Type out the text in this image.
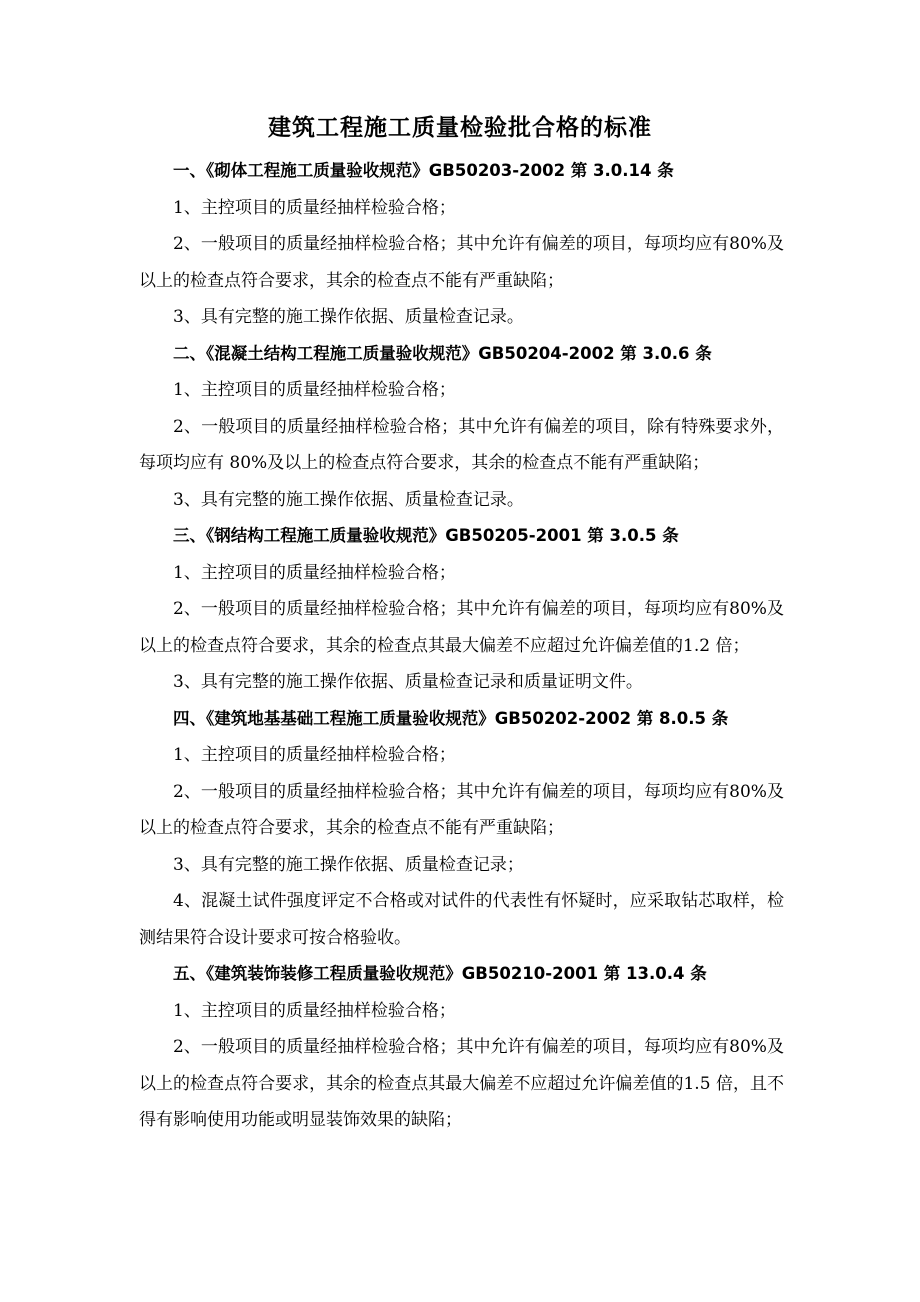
建筑工程施工质量检验批合格的标准

一、《砌体工程施工质量验收规范》GB50203-2002 第 3.0.14 条

1、主控项目的质量经抽样检验合格；

2、一般项目的质量经抽样检验合格；其中允许有偏差的项目，每项均应有80%及以上的检查点符合要求，其余的检查点不能有严重缺陷；

3、具有完整的施工操作依据、质量检查记录。

二、《混凝土结构工程施工质量验收规范》GB50204-2002 第 3.0.6 条

1、主控项目的质量经抽样检验合格；

2、一般项目的质量经抽样检验合格；其中允许有偏差的项目，除有特殊要求外，每项均应有 80%及以上的检查点符合要求，其余的检查点不能有严重缺陷；

3、具有完整的施工操作依据、质量检查记录。

三、《钢结构工程施工质量验收规范》GB50205-2001 第 3.0.5 条

1、主控项目的质量经抽样检验合格；

2、一般项目的质量经抽样检验合格；其中允许有偏差的项目，每项均应有80%及以上的检查点符合要求，其余的检查点其最大偏差不应超过允许偏差值的1.2 倍；

3、具有完整的施工操作依据、质量检查记录和质量证明文件。

四、《建筑地基基础工程施工质量验收规范》GB50202-2002 第 8.0.5 条

1、主控项目的质量经抽样检验合格；

2、一般项目的质量经抽样检验合格；其中允许有偏差的项目，每项均应有80%及以上的检查点符合要求，其余的检查点不能有严重缺陷；

3、具有完整的施工操作依据、质量检查记录；

4、混凝土试件强度评定不合格或对试件的代表性有怀疑时，应采取钻芯取样，检测结果符合设计要求可按合格验收。

五、《建筑装饰装修工程质量验收规范》GB50210-2001 第 13.0.4 条

1、主控项目的质量经抽样检验合格；

2、一般项目的质量经抽样检验合格；其中允许有偏差的项目，每项均应有80%及以上的检查点符合要求，其余的检查点其最大偏差不应超过允许偏差值的1.5 倍，且不得有影响使用功能或明显装饰效果的缺陷；
